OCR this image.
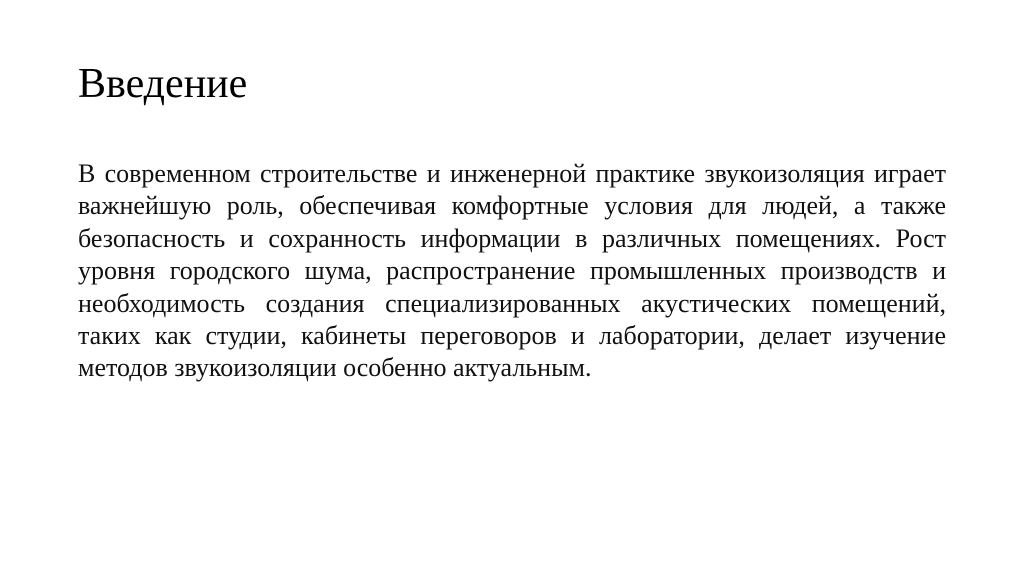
Введение

В современном строительстве и инженерной практике звукоизоляция играет важнейшую роль, обеспечивая комфортные условия для людей, а также безопасность и сохранность информации в различных помещениях. Рост уровня городского шума, распространение промышленных производств и необходимость создания специализированных акустических помещений, таких как студии, кабинеты переговоров и лаборатории, делает изучение методов звукоизоляции особенно актуальным.
